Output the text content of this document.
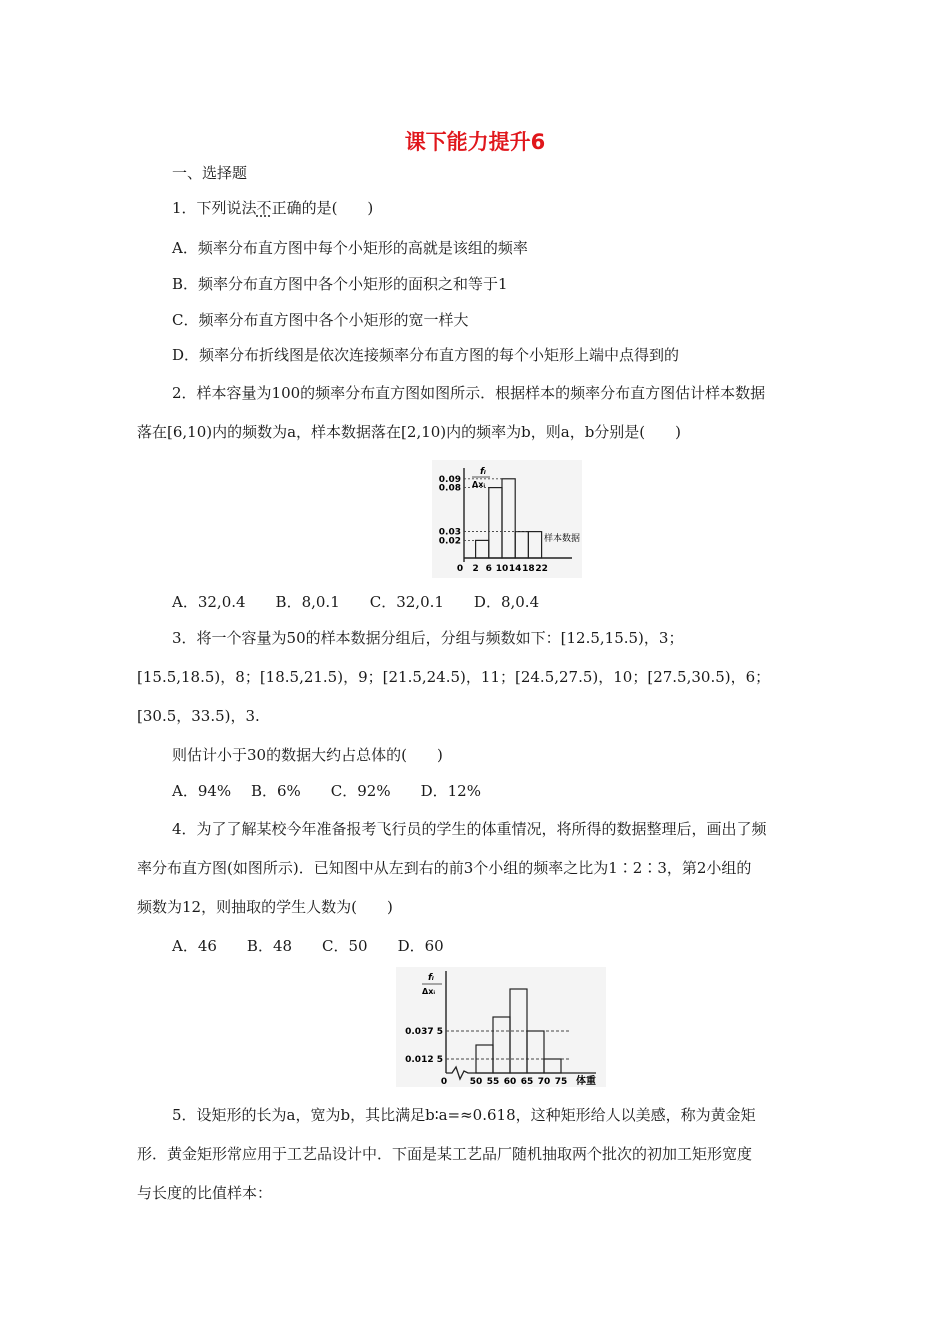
课下能力提升6
一、选择题
1．下列说法不正确的是(　　)
A．频率分布直方图中每个小矩形的高就是该组的频率
B．频率分布直方图中各个小矩形的面积之和等于1
C．频率分布直方图中各个小矩形的宽一样大
D．频率分布折线图是依次连接频率分布直方图的每个小矩形上端中点得到的
2．样本容量为100的频率分布直方图如图所示．根据样本的频率分布直方图估计样本数据
落在[6,10)内的频数为a，样本数据落在[2,10)内的频率为b，则a，b分别是(　　)
fᵢ
Δxᵢ
0.02
0.03
0.08
0.09
0 2 6 10 14 18 22
样本数据
A．32,0.4　　B．8,0.1　　C．32,0.1　　D．8,0.4
3．将一个容量为50的样本数据分组后，分组与频数如下：[12.5,15.5)，3；
[15.5,18.5)，8；[18.5,21.5)，9；[21.5,24.5)，11；[24.5,27.5)，10；[27.5,30.5)，6；
[30.5，33.5)，3.
则估计小于30的数据大约占总体的(　　)
A．94%　 B．6%　　C．92%　　D．12%
4．为了了解某校今年准备报考飞行员的学生的体重情况，将所得的数据整理后，画出了频
率分布直方图(如图所示)．已知图中从左到右的前3个小组的频率之比为1∶2∶3，第2小组的
频数为12，则抽取的学生人数为(　　)
A．46　　B．48　　C．50　　D．60
fᵢ
Δxᵢ
0.012 5
0.037 5
0	50 55 60 65 70 75 体重
5．设矩形的长为a，宽为b，其比满足b∶a=≈0.618，这种矩形给人以美感，称为黄金矩
形．黄金矩形常应用于工艺品设计中．下面是某工艺品厂随机抽取两个批次的初加工矩形宽度
与长度的比值样本：
